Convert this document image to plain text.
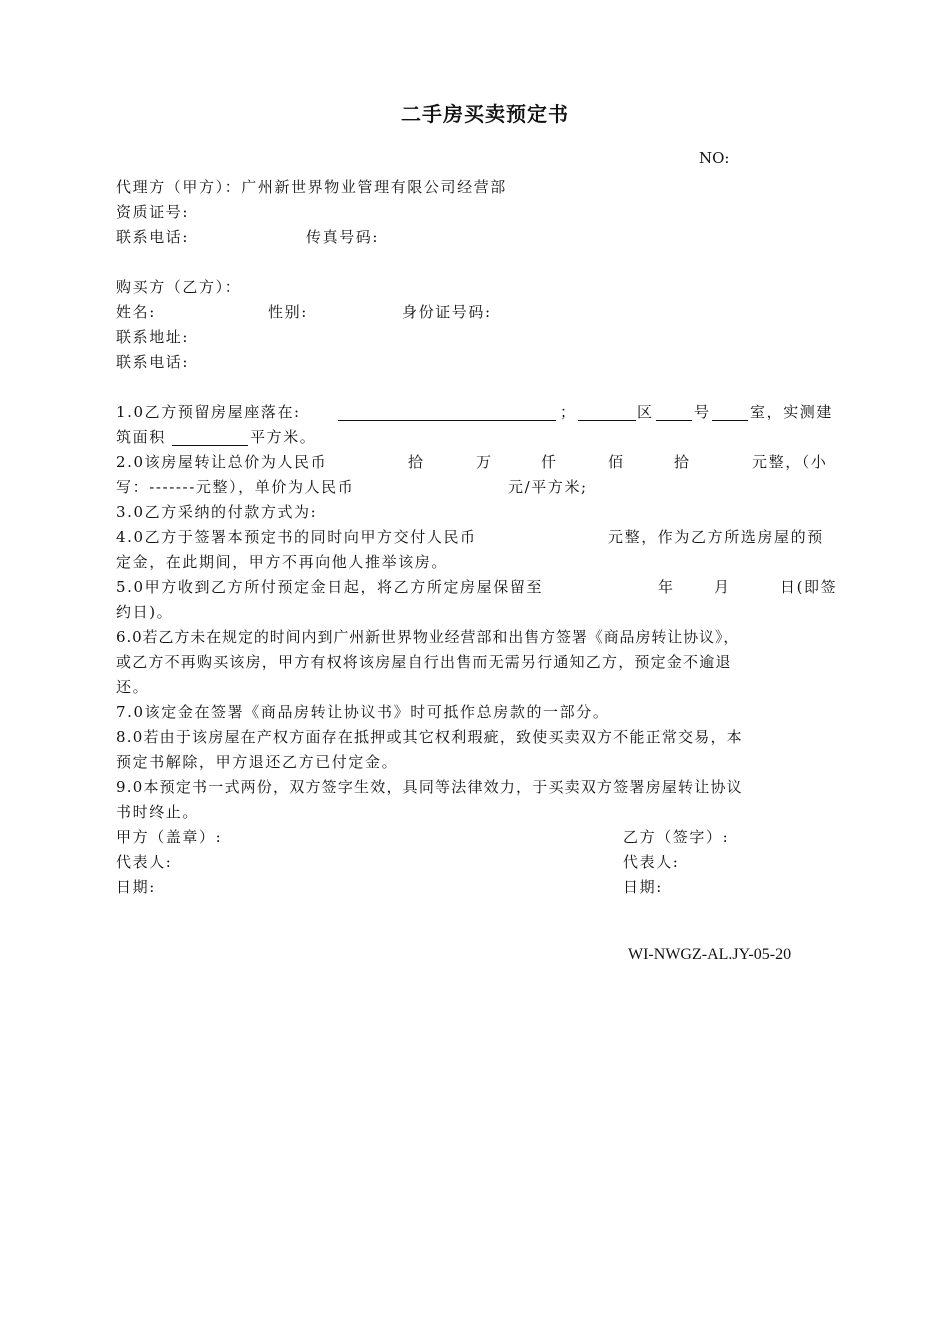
二手房买卖预定书
NO:
代理方（甲方）：广州新世界物业管理有限公司经营部
资质证号:
联系电话:	传真号码:
购买方（乙方）：
姓名:	性别:	身份证号码:
联系地址:
联系电话:
1.0乙方预留房屋座落在:	；	区	号	室，实测建
筑面积	平方米。
2.0该房屋转让总价为人民币	拾	万	仟	佰	拾	元整，（小
写：-------元整），单价为人民币	元/平方米;
3.0乙方采纳的付款方式为:
4.0乙方于签署本预定书的同时向甲方交付人民币	元整，作为乙方所选房屋的预
定金，在此期间，甲方不再向他人推举该房。
5.0甲方收到乙方所付预定金日起，将乙方所定房屋保留至	年	月	日(即签
约日)。
6.0若乙方未在规定的时间内到广州新世界物业经营部和出售方签署《商品房转让协议》，
或乙方不再购买该房，甲方有权将该房屋自行出售而无需另行通知乙方，预定金不逾退
还。
7.0该定金在签署《商品房转让协议书》时可抵作总房款的一部分。
8.0若由于该房屋在产权方面存在抵押或其它权利瑕疵，致使买卖双方不能正常交易，本
预定书解除，甲方退还乙方已付定金。
9.0本预定书一式两份，双方签字生效，具同等法律效力，于买卖双方签署房屋转让协议
书时终止。
甲方（盖章）:	乙方（签字）:
代表人:	代表人:
日期:	日期:
WI-NWGZ-AL.JY-05-20
